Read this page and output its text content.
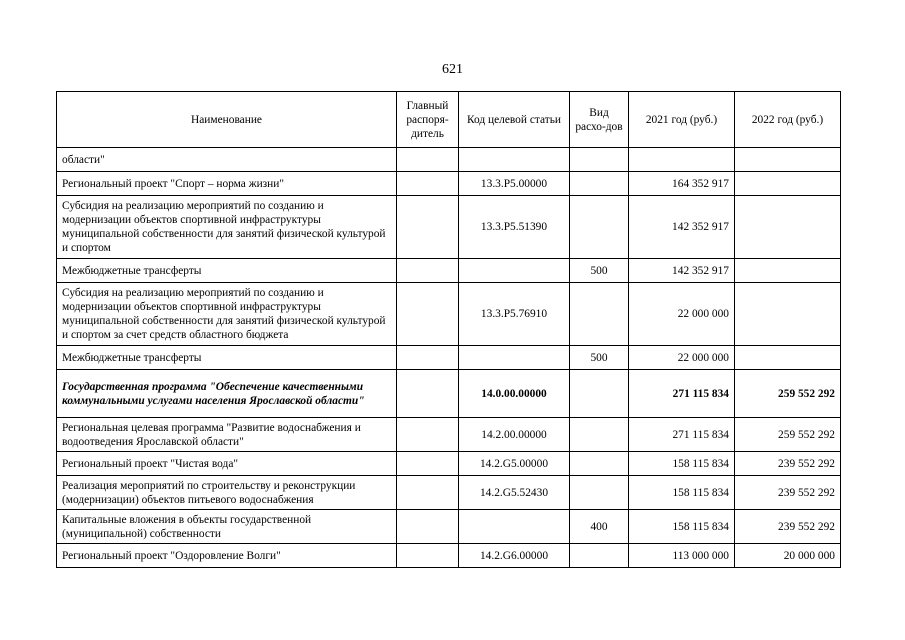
621
Наименование	Главный распоря-дитель	Код целевой статьи	Вид расхо-дов	2021 год (руб.)	2022 год (руб.)
области"					
Региональный проект "Спорт – норма жизни"		13.3.P5.00000		164 352 917	
Субсидия на реализацию мероприятий по созданию и модернизации объектов спортивной инфраструктуры муниципальной собственности для занятий физической культурой и спортом		13.3.P5.51390		142 352 917	
Межбюджетные трансферты			500	142 352 917	
Субсидия на реализацию мероприятий по созданию и модернизации объектов спортивной инфраструктуры муниципальной собственности для занятий физической культурой и спортом за счет средств областного бюджета		13.3.P5.76910		22 000 000	
Межбюджетные трансферты			500	22 000 000	
Государственная программа "Обеспечение качественными коммунальными услугами населения Ярославской области"		14.0.00.00000		271 115 834	259 552 292
Региональная целевая программа "Развитие водоснабжения и водоотведения Ярославской области"		14.2.00.00000		271 115 834	259 552 292
Региональный проект "Чистая вода"		14.2.G5.00000		158 115 834	239 552 292
Реализация мероприятий по строительству и реконструкции (модернизации) объектов питьевого водоснабжения		14.2.G5.52430		158 115 834	239 552 292
Капитальные вложения в объекты государственной (муниципальной) собственности			400	158 115 834	239 552 292
Региональный проект "Оздоровление Волги"		14.2.G6.00000		113 000 000	20 000 000
